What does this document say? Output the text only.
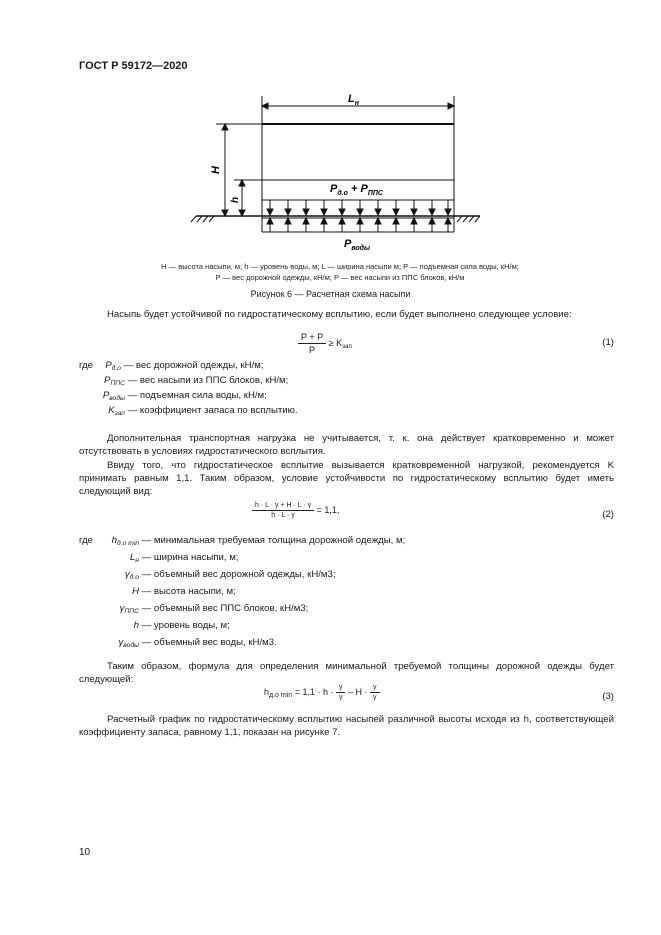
ГОСТ Р 59172—2020
$L_н$
H
h
$P_{д.о} + P_{ППС}$
$P_{воды}$
H — высота насыпи, м; h — уровень воды, м; L — ширина насыпи м; P — подъемная сила воды, кН/м;
P — вес дорожной одежды, кН/м; P — вес насыпи из ППС блоков, кН/м
Рисунок 6 — Расчетная схема насыпи
Насыпь будет устойчивой по гидростатическому всплытию, если будет выполнено следующее условие:
$\frac{P + P}{P} \ge K_{зап}$	(1)
где $P_{д.о}$ — вес дорожной одежды, кН/м;
$P_{ППС}$ — вес насыпи из ППС блоков, кН/м;
$P_{воды}$ — подъемная сила воды, кН/м;
$K_{зап}$ — коэффициент запаса по всплытию.
Дополнительная транспортная нагрузка не учитывается, т. к. она действует кратковременно и может отсутствовать в условиях гидростатического всплытия.
Ввиду того, что гидростатическое всплытие вызывается кратковременной нагрузкой, рекомендуется K принимать равным 1,1. Таким образом, условие устойчивости по гидростатическому всплытию будет иметь следующий вид:
$\frac{h \cdot L \cdot \gamma + H \cdot L \cdot \gamma}{h \cdot L \cdot \gamma} = 1,1$,	(2)
где $h_{д.о min}$ — минимальная требуемая толщина дорожной одежды, м;
$L_н$ — ширина насыпи, м;
$\gamma_{д.о}$ — объемный вес дорожной одежды, кН/м3;
H — высота насыпи, м;
$\gamma_{ППС}$ — объемный вес ППС блоков, кН/м3;
h — уровень воды, м;
$\gamma_{воды}$ — объемный вес воды, кН/м3.
Таким образом, формула для определения минимальной требуемой толщины дорожной одежды будет следующей:
$h_{д.о min} = 1,1 \cdot h \cdot \frac{\gamma}{\gamma} - H \cdot \frac{\gamma}{\gamma}$	(3)
Расчетный график по гидростатическому всплытию насыпей различной высоты исходя из h, соответствующей коэффициенту запаса, равному 1,1, показан на рисунке 7.
10
